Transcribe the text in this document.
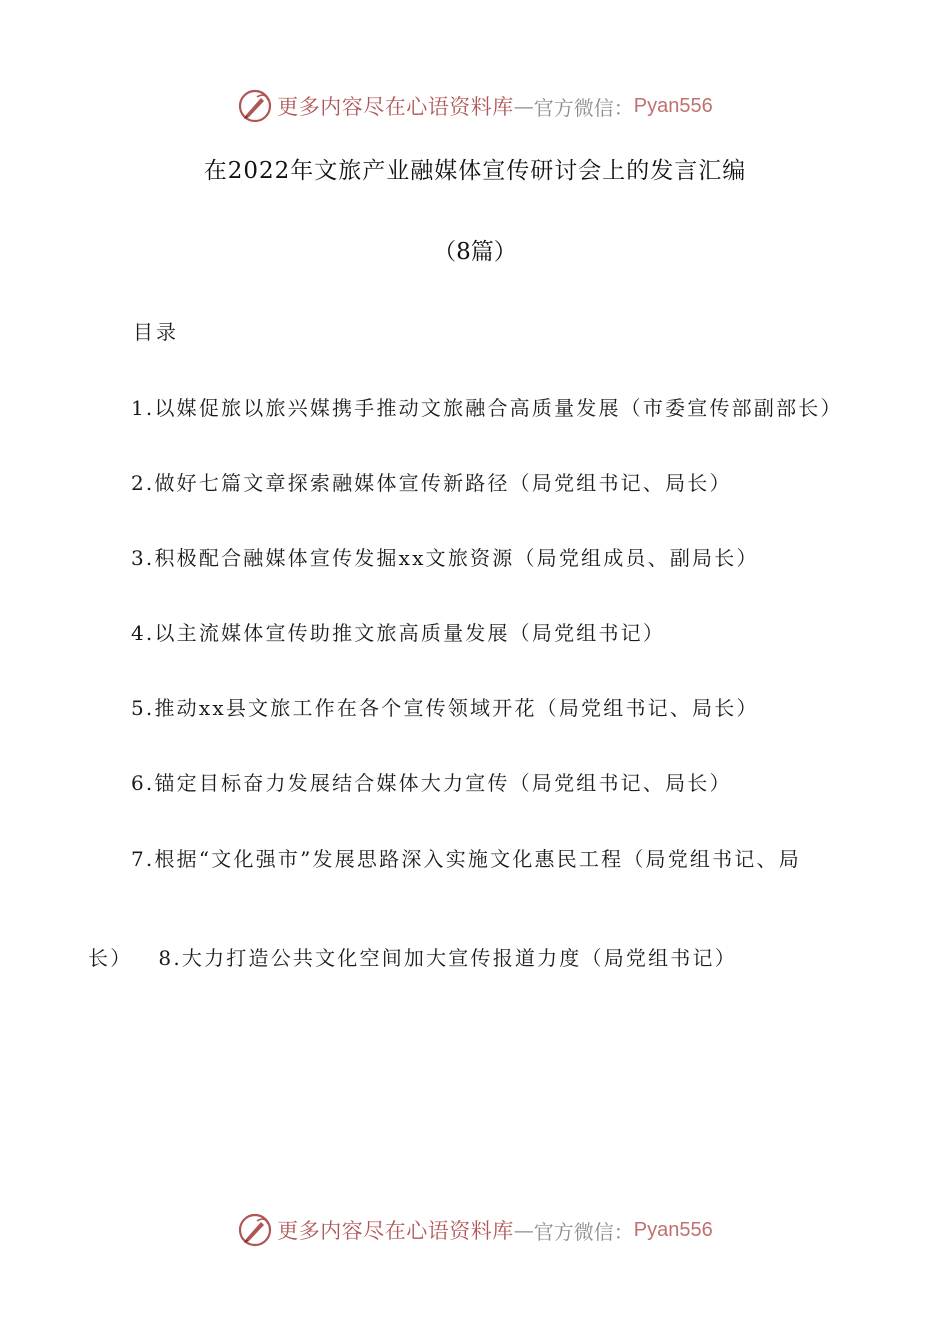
更多内容尽在心语资料库 — 官方微信： Pyan556
在2022年文旅产业融媒体宣传研讨会上的发言汇编
（8篇）
目录
1.以媒促旅以旅兴媒携手推动文旅融合高质量发展（市委宣传部副部长）
2.做好七篇文章探索融媒体宣传新路径（局党组书记、局长）
3.积极配合融媒体宣传发掘xx文旅资源（局党组成员、副局长）
4.以主流媒体宣传助推文旅高质量发展（局党组书记）
5.推动xx县文旅工作在各个宣传领域开花（局党组书记、局长）
6.锚定目标奋力发展结合媒体大力宣传（局党组书记、局长）
7.根据“文化强市”发展思路深入实施文化惠民工程（局党组书记、局
长） 8.大力打造公共文化空间加大宣传报道力度（局党组书记）
更多内容尽在心语资料库 — 官方微信： Pyan556
